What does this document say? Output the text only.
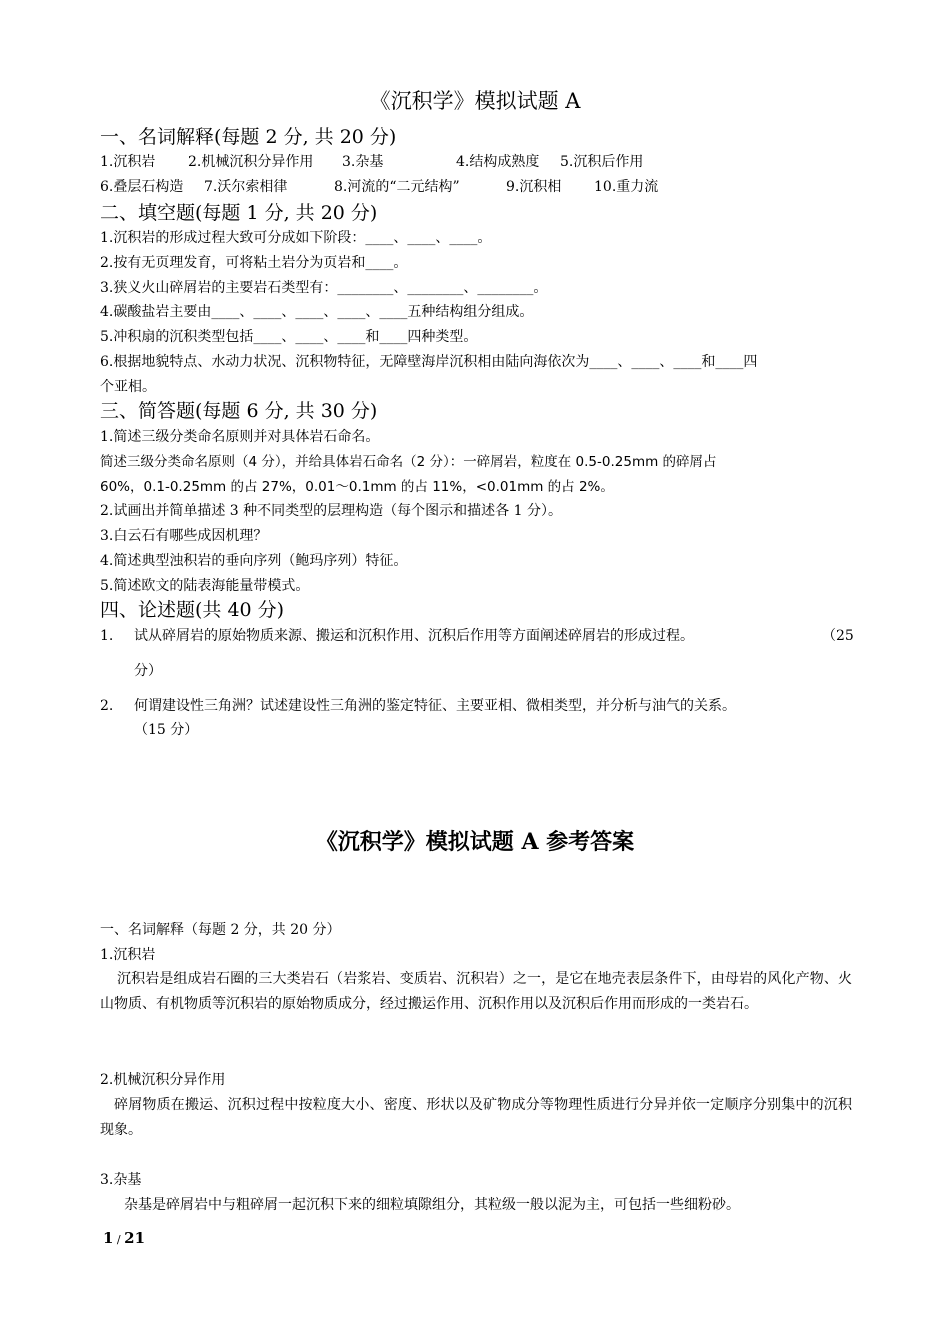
《沉积学》模拟试题 A
一、名词解释(每题 2 分, 共 20 分)
1.沉积岩 2.机械沉积分异作用 3.杂基	4.结构成熟度 5.沉积后作用
6.叠层石构造 7.沃尔索相律	8.河流的“二元结构”	9.沉积相 10.重力流
二、填空题(每题 1 分, 共 20 分)
1.沉积岩的形成过程大致可分成如下阶段：____、____、____。
2.按有无页理发育，可将粘土岩分为页岩和____。
3.狭义火山碎屑岩的主要岩石类型有：________、________、________。
4.碳酸盐岩主要由____、____、____、____、____五种结构组分组成。
5.冲积扇的沉积类型包括____、____、____和____四种类型。
6.根据地貌特点、水动力状况、沉积物特征，无障壁海岸沉积相由陆向海依次为____、____、____和____四
个亚相。
三、简答题(每题 6 分, 共 30 分)
1.简述三级分类命名原则并对具体岩石命名。
简述三级分类命名原则（4 分），并给具体岩石命名（2 分）：一碎屑岩，粒度在 0.5-0.25mm 的碎屑占
60%，0.1-0.25mm 的占 27%，0.01～0.1mm 的占 11%，<0.01mm 的占 2%。
2.试画出并简单描述 3 种不同类型的层理构造（每个图示和描述各 1 分）。
3.白云石有哪些成因机理？
4.简述典型浊积岩的垂向序列（鲍玛序列）特征。
5.简述欧文的陆表海能量带模式。
四、论述题(共 40 分)
1. 试从碎屑岩的原始物质来源、搬运和沉积作用、沉积后作用等方面阐述碎屑岩的形成过程。	（25
分）
2. 何谓建设性三角洲？试述建设性三角洲的鉴定特征、主要亚相、微相类型，并分析与油气的关系。
（15 分）
《沉积学》模拟试题 A 参考答案
一、名词解释（每题 2 分，共 20 分）
1.沉积岩
沉积岩是组成岩石圈的三大类岩石（岩浆岩、变质岩、沉积岩）之一，是它在地壳表层条件下，由母岩的风化产物、火山物质、有机物质等沉积岩的原始物质成分，经过搬运作用、沉积作用以及沉积后作用而形成的一类岩石。
2.机械沉积分异作用
碎屑物质在搬运、沉积过程中按粒度大小、密度、形状以及矿物成分等物理性质进行分异并依一定顺序分别集中的沉积现象。
3.杂基
杂基是碎屑岩中与粗碎屑一起沉积下来的细粒填隙组分，其粒级一般以泥为主，可包括一些细粉砂。
1 / 21
